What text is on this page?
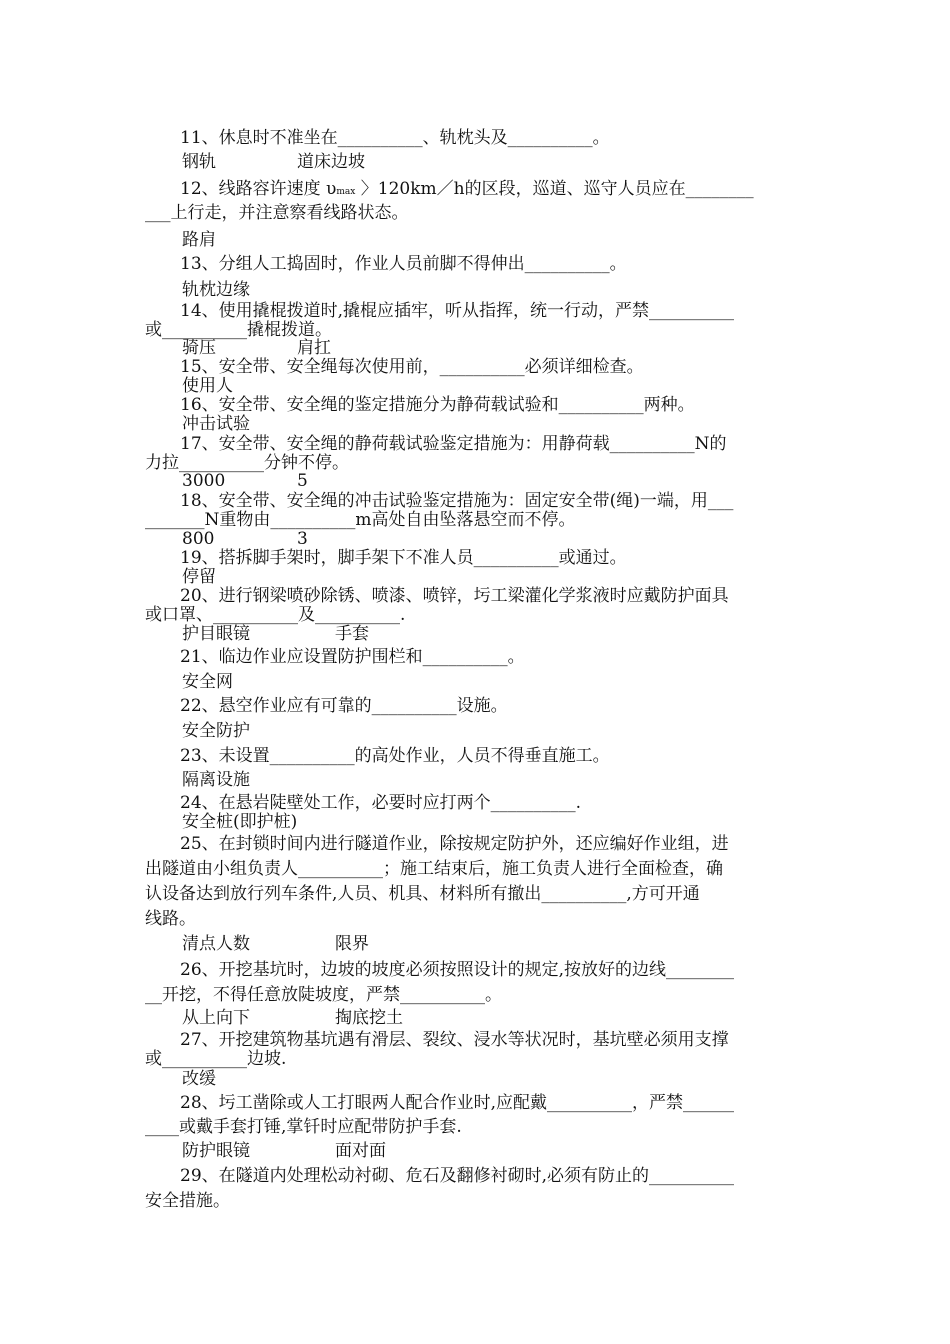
11、休息时不准坐在__________、轨枕头及__________。
钢轨	道床边坡
12、线路容许速度 υmax 〉120km／h的区段，巡道、巡守人员应在________
___上行走，并注意察看线路状态。
路肩
13、分组人工捣固时，作业人员前脚不得伸出__________。
轨枕边缘
14、使用撬棍拨道时,撬棍应插牢，听从指挥，统一行动，严禁__________
或__________撬棍拨道。
骑压	肩扛
15、安全带、安全绳每次使用前，__________必须详细检查。
使用人
16、安全带、安全绳的鉴定措施分为静荷载试验和__________两种。
冲击试验
17、安全带、安全绳的静荷载试验鉴定措施为：用静荷载__________N的
力拉__________分钟不停。
3000	5
18、安全带、安全绳的冲击试验鉴定措施为：固定安全带(绳)一端，用___
_______N重物由__________m高处自由坠落悬空而不停。
800	3
19、搭拆脚手架时，脚手架下不准人员__________或通过。
停留
20、进行钢梁喷砂除锈、喷漆、喷锌，圬工梁灌化学浆液时应戴防护面具
或口罩、__________及__________.
护目眼镜	手套
21、临边作业应设置防护围栏和__________。
安全网
22、悬空作业应有可靠的__________设施。
安全防护
23、未设置__________的高处作业，人员不得垂直施工。
隔离设施
24、在悬岩陡壁处工作，必要时应打两个__________.
安全桩(即护桩)
25、在封锁时间内进行隧道作业，除按规定防护外，还应编好作业组，进
出隧道由小组负责人__________；施工结束后，施工负责人进行全面检查，确
认设备达到放行列车条件,人员、机具、材料所有撤出__________,方可开通
线路。
清点人数	限界
26、开挖基坑时，边坡的坡度必须按照设计的规定,按放好的边线________
__开挖，不得任意放陡坡度，严禁__________。
从上向下	掏底挖土
27、开挖建筑物基坑遇有滑层、裂纹、浸水等状况时，基坑壁必须用支撑
或__________边坡.
改缓
28、圬工凿除或人工打眼两人配合作业时,应配戴__________，严禁______
____或戴手套打锤,掌钎时应配带防护手套.
防护眼镜	面对面
29、在隧道内处理松动衬砌、危石及翻修衬砌时,必须有防止的__________
安全措施。
